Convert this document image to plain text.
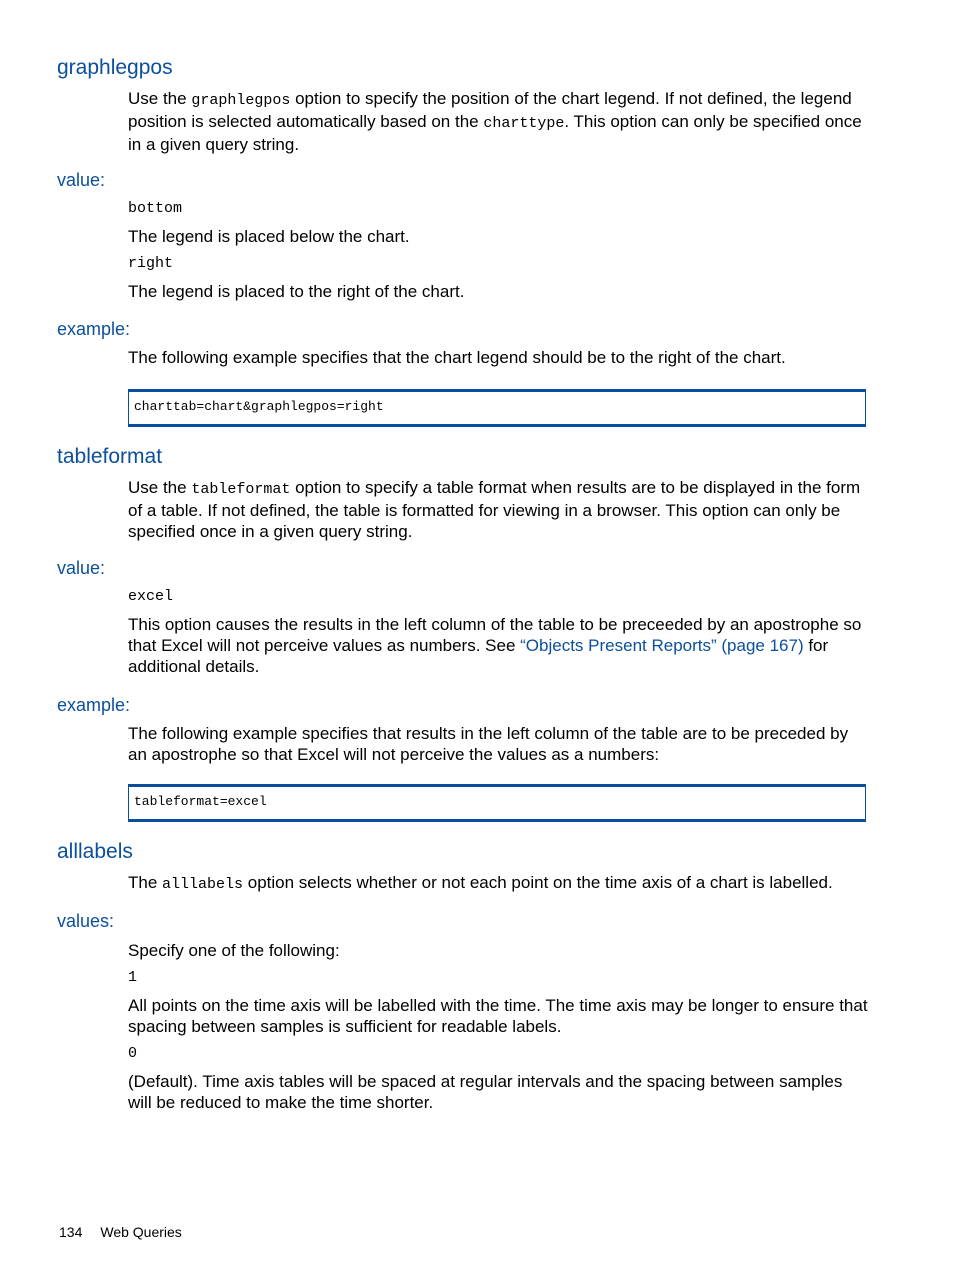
graphlegpos

Use the graphlegpos option to specify the position of the chart legend. If not defined, the legend position is selected automatically based on the charttype. This option can only be specified once in a given query string.

value:
bottom

The legend is placed below the chart.

right

The legend is placed to the right of the chart.

example:

The following example specifies that the chart legend should be to the right of the chart.

charttab=chart&graphlegpos=right
tableformat

Use the tableformat option to specify a table format when results are to be displayed in the form of a table. If not defined, the table is formatted for viewing in a browser. This option can only be specified once in a given query string.

value:
excel

This option causes the results in the left column of the table to be preceeded by an apostrophe so that Excel will not perceive values as numbers. See “Objects Present Reports” (page 167) for additional details.

example:

The following example specifies that results in the left column of the table are to be preceded by an apostrophe so that Excel will not perceive the values as a numbers:

tableformat=excel
alllabels

The alllabels option selects whether or not each point on the time axis of a chart is labelled.

values:

Specify one of the following:

1

All points on the time axis will be labelled with the time. The time axis may be longer to ensure that spacing between samples is sufficient for readable labels.

0

(Default). Time axis tables will be spaced at regular intervals and the spacing between samples will be reduced to make the time shorter.

134 Web Queries
